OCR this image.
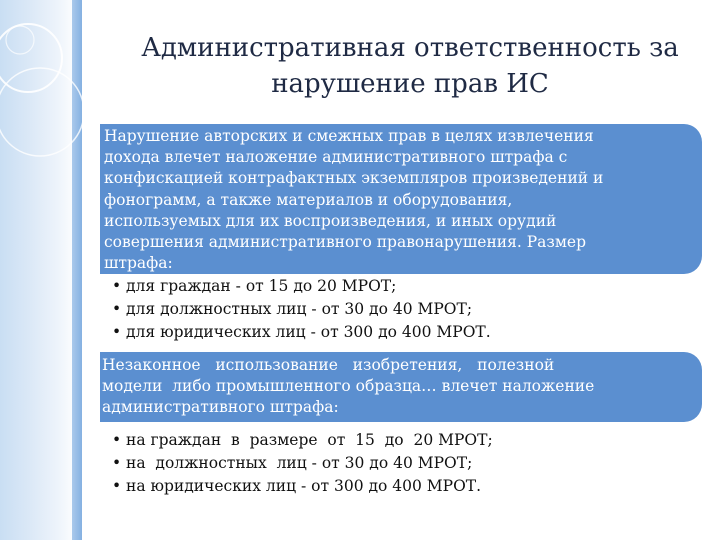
Административная ответственность за
нарушение прав ИС
Нарушение авторских и смежных прав в целях извлечения
дохода влечет наложение административного штрафа с
конфискацией контрафактных экземпляров произведений и
фонограмм, а также материалов и оборудования,
используемых для их воспроизведения, и иных орудий
совершения административного правонарушения. Размер
штрафа:
• для граждан - от 15 до 20 МРОТ;
• для должностных лиц - от 30 до 40 МРОТ;
• для юридических лиц - от 300 до 400 МРОТ.
Незаконное   использование   изобретения,   полезной
модели  либо промышленного образца… влечет наложение
административного штрафа:
• на граждан  в  размере  от  15  до  20 МРОТ;
• на  должностных  лиц - от 30 до 40 МРОТ;
• на юридических лиц - от 300 до 400 МРОТ.
